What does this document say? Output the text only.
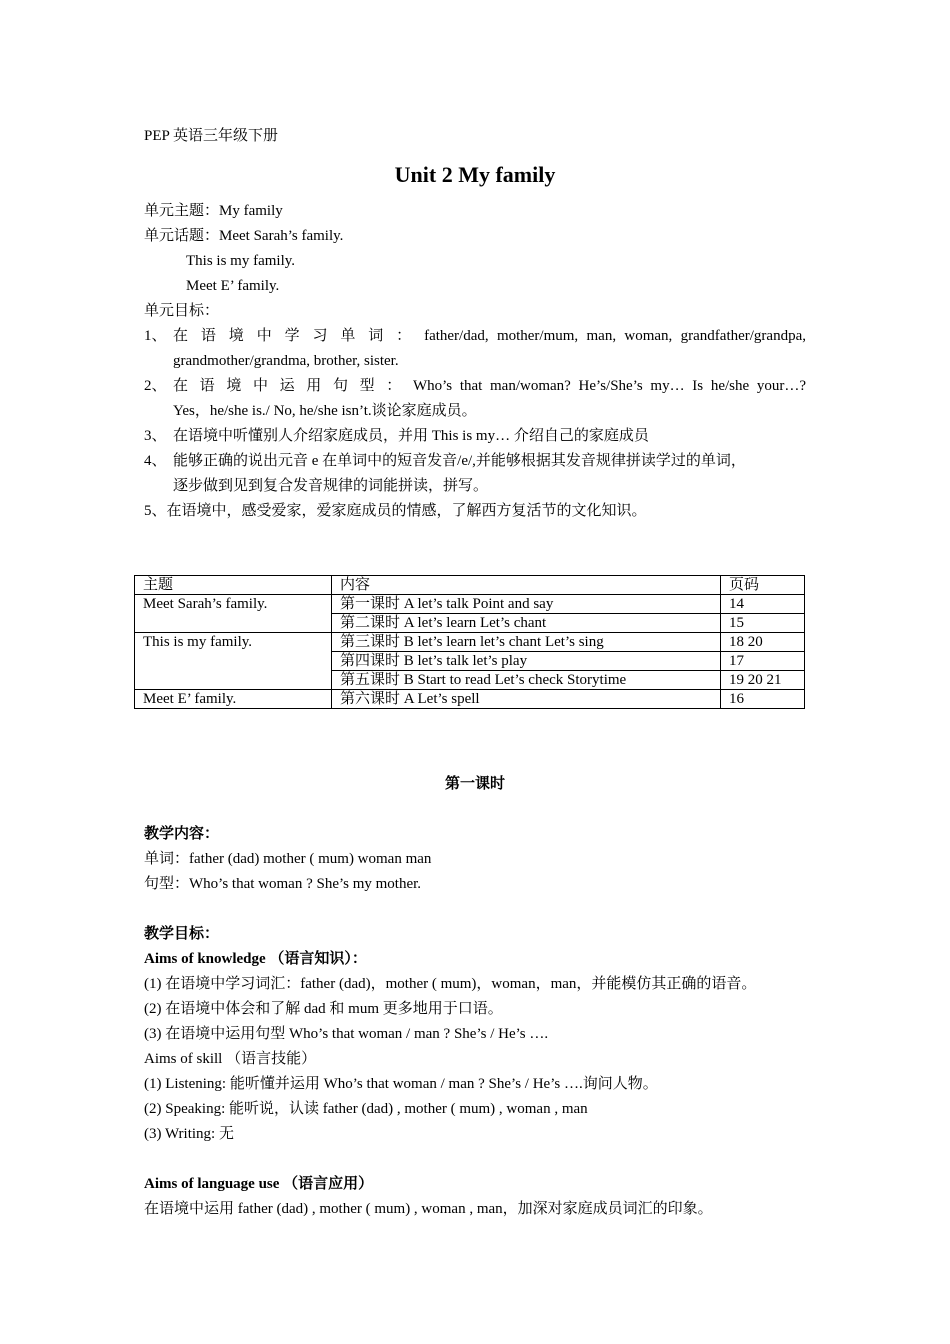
PEP 英语三年级下册
Unit 2 My family
单元主题：My family
单元话题：Meet Sarah’s family.
This is my family.
Meet E’ family.
单元目标：
1、 在 语 境 中 学 习 单 词 ： father/dad, mother/mum, man, woman, grandfather/grandpa,
grandmother/grandma, brother, sister.
2、 在 语 境 中 运 用 句 型 ： Who’s that man/woman? He’s/She’s my… Is he/she your…?
Yes，he/she is./ No, he/she isn’t.谈论家庭成员。
3、 在语境中听懂别人介绍家庭成员，并用 This is my… 介绍自己的家庭成员
4、 能够正确的说出元音 e 在单词中的短音发音/e/,并能够根据其发音规律拼读学过的单词，
逐步做到见到复合发音规律的词能拼读，拼写。
5、在语境中，感受爱家，爱家庭成员的情感，了解西方复活节的文化知识。
主题	内容	页码
Meet Sarah’s family.	第一课时 A let’s talk Point and say	14
	第二课时 A let’s learn Let’s chant	15
This is my family.	第三课时 B let’s learn let’s chant Let’s sing	18 20
	第四课时 B let’s talk let’s play	17
	第五课时 B Start to read Let’s check Storytime	19 20 21
Meet E’ family.	第六课时 A Let’s spell	16
第一课时
教学内容：
单词：father (dad) mother ( mum) woman man
句型：Who’s that woman ? She’s my mother.
教学目标：
Aims of knowledge （语言知识）：
(1) 在语境中学习词汇：father (dad)，mother ( mum)，woman，man，并能模仿其正确的语音。
(2) 在语境中体会和了解 dad 和 mum 更多地用于口语。
(3) 在语境中运用句型 Who’s that woman / man ? She’s / He’s ….
Aims of skill （语言技能）
(1) Listening: 能听懂并运用 Who’s that woman / man ? She’s / He’s ….询问人物。
(2) Speaking: 能听说，认读 father (dad) , mother ( mum) , woman , man
(3) Writing: 无
Aims of language use （语言应用）
在语境中运用 father (dad) , mother ( mum) , woman , man，加深对家庭成员词汇的印象。
